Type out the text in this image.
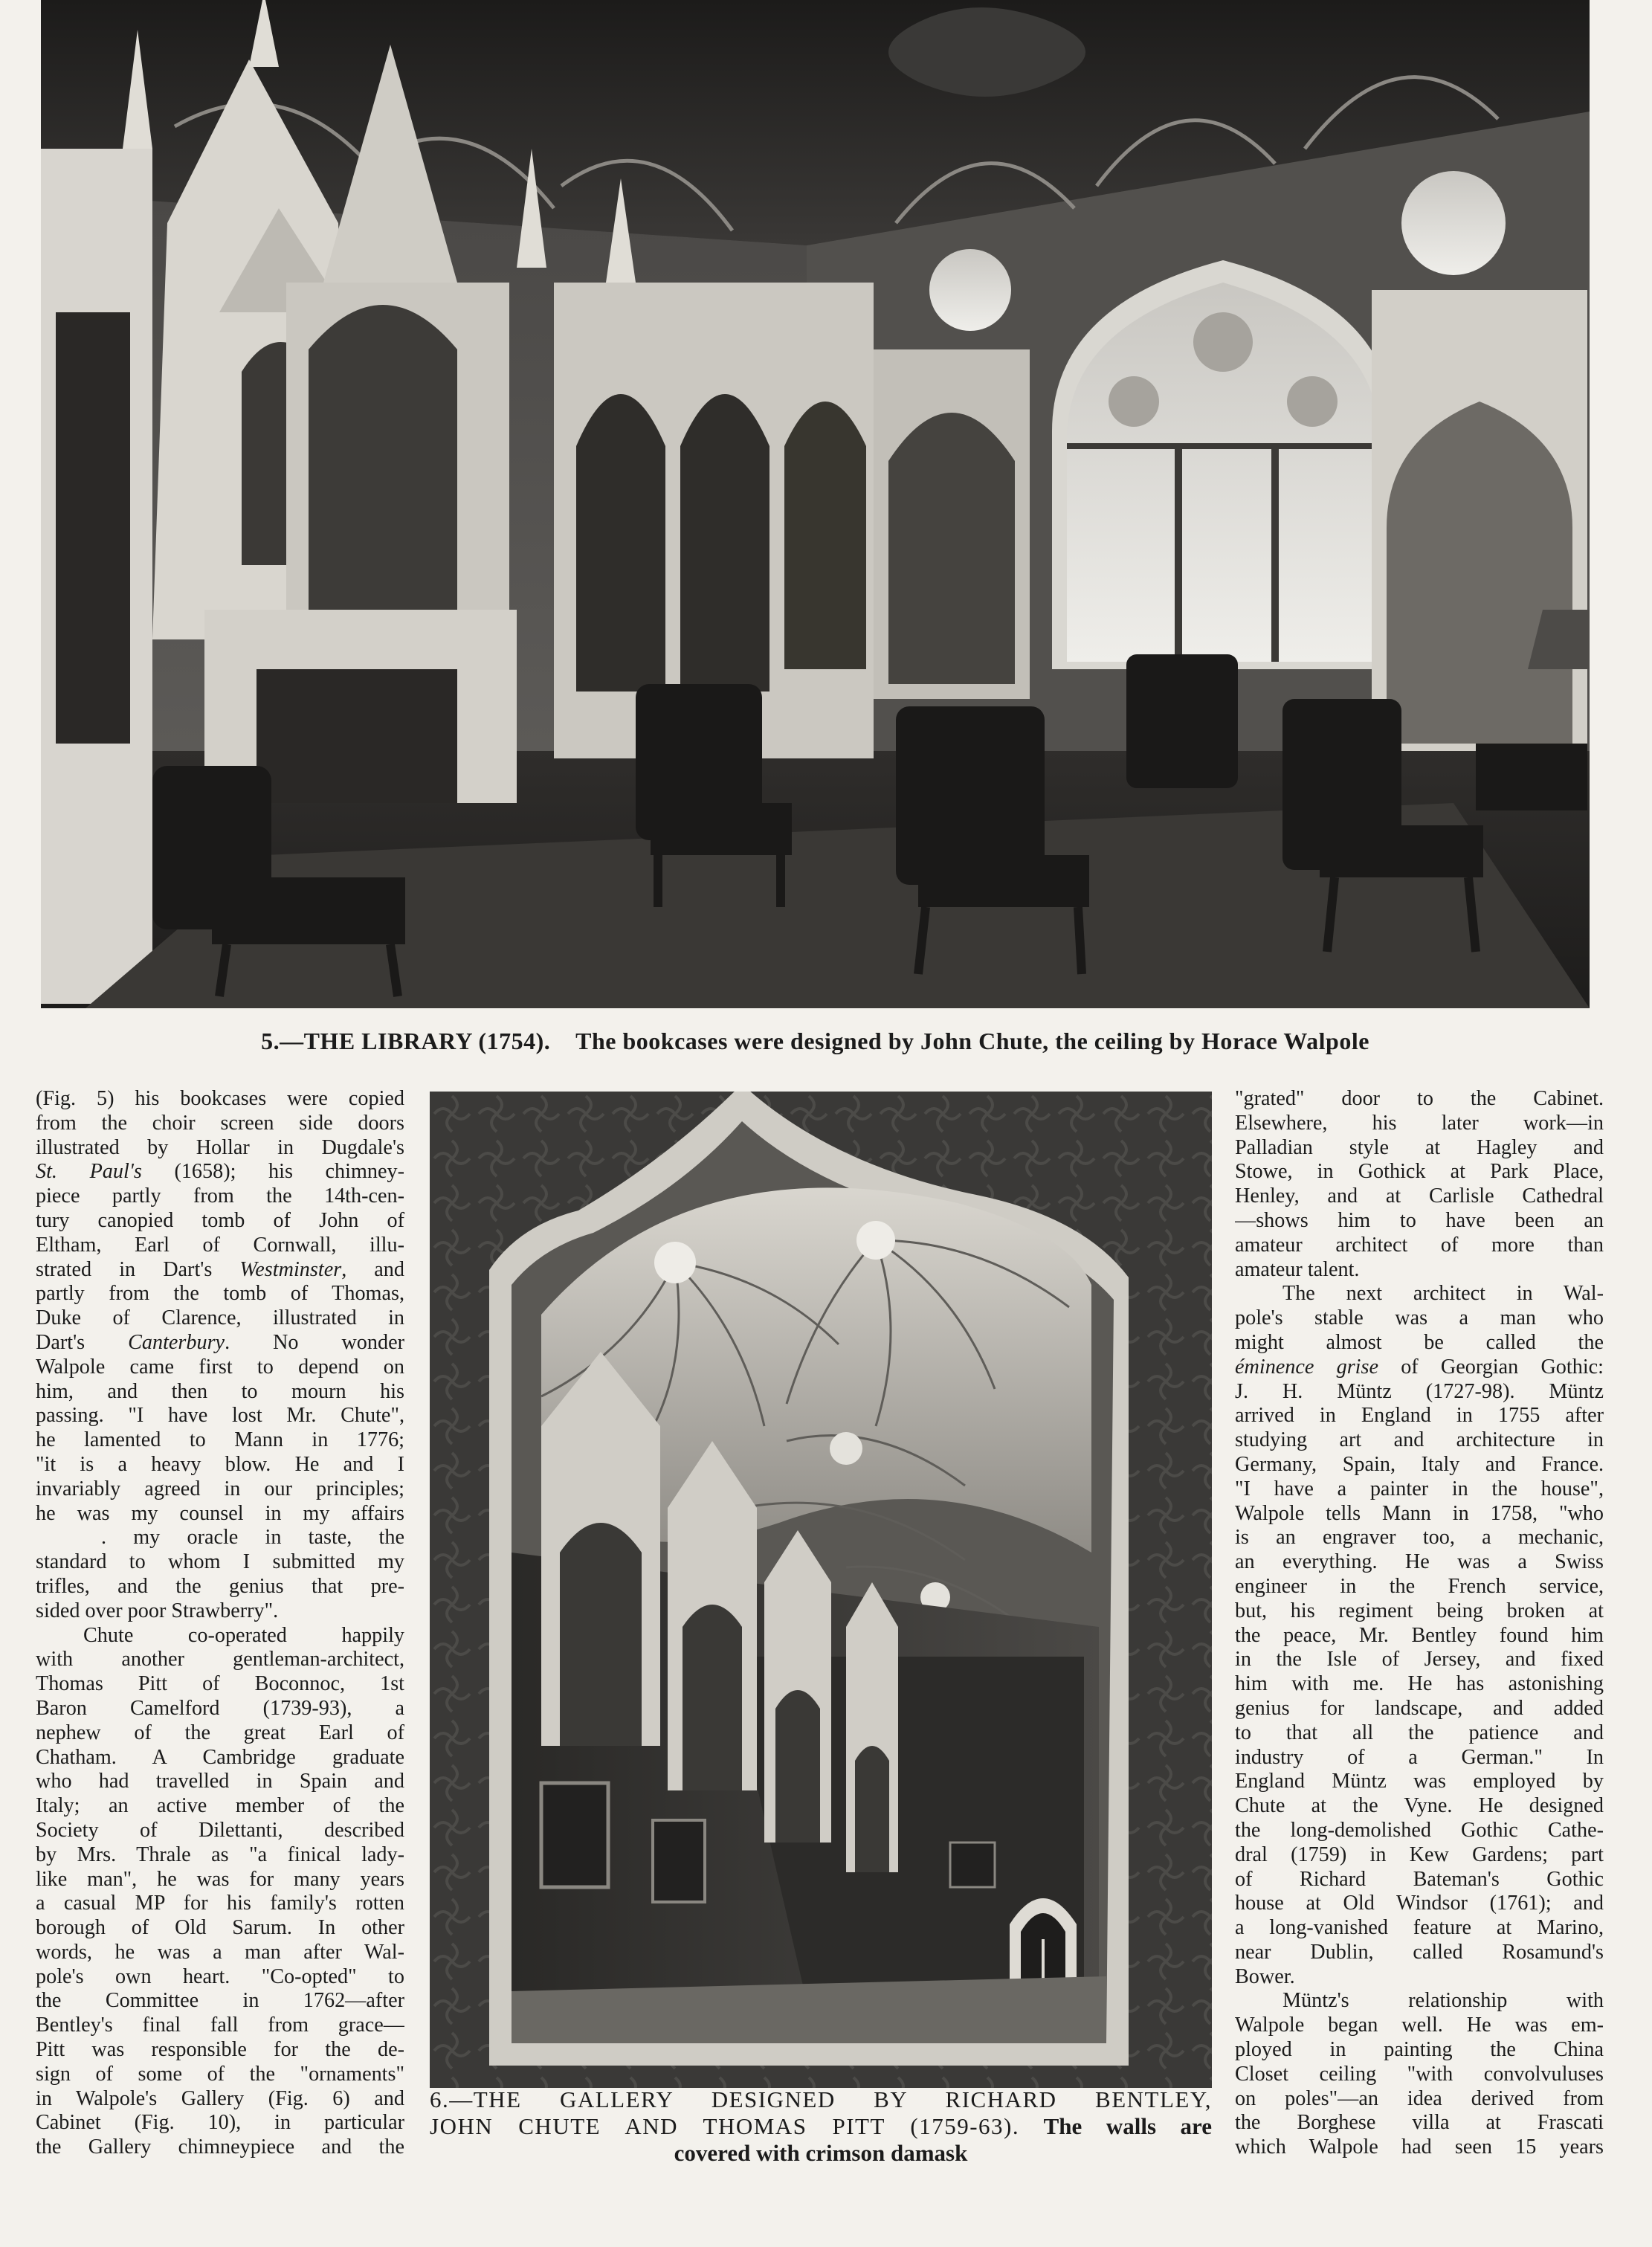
5.—THE LIBRARY (1754). The bookcases were designed by John Chute, the ceiling by Horace Walpole
(Fig. 5) his bookcases were copied
from the choir screen side doors
illustrated by Hollar in Dugdale's
St. Paul's (1658); his chimney-
piece partly from the 14th-cen-
tury canopied tomb of John of
Eltham, Earl of Cornwall, illu-
strated in Dart's Westminster, and
partly from the tomb of Thomas,
Duke of Clarence, illustrated in
Dart's Canterbury. No wonder
Walpole came first to depend on
him, and then to mourn his
passing. "I have lost Mr. Chute",
he lamented to Mann in 1776;
"it is a heavy blow. He and I
invariably agreed in our principles;
he was my counsel in my affairs
. my oracle in taste, the
standard to whom I submitted my
trifles, and the genius that pre-
sided over poor Strawberry".
Chute co-operated happily
with another gentleman-architect,
Thomas Pitt of Boconnoc, 1st
Baron Camelford (1739-93), a
nephew of the great Earl of
Chatham. A Cambridge graduate
who had travelled in Spain and
Italy; an active member of the
Society of Dilettanti, described
by Mrs. Thrale as "a finical lady-
like man", he was for many years
a casual MP for his family's rotten
borough of Old Sarum. In other
words, he was a man after Wal-
pole's own heart. "Co-opted" to
the Committee in 1762—after
Bentley's final fall from grace—
Pitt was responsible for the de-
sign of some of the "ornaments"
in Walpole's Gallery (Fig. 6) and
Cabinet (Fig. 10), in particular
the Gallery chimneypiece and the
6.—THE GALLERY DESIGNED BY RICHARD BENTLEY,
JOHN CHUTE AND THOMAS PITT (1759-63). The walls are
covered with crimson damask
"grated" door to the Cabinet.
Elsewhere, his later work—in
Palladian style at Hagley and
Stowe, in Gothick at Park Place,
Henley, and at Carlisle Cathedral
—shows him to have been an
amateur architect of more than
amateur talent.
The next architect in Wal-
pole's stable was a man who
might almost be called the
éminence grise of Georgian Gothic:
J. H. Müntz (1727-98). Müntz
arrived in England in 1755 after
studying art and architecture in
Germany, Spain, Italy and France.
"I have a painter in the house",
Walpole tells Mann in 1758, "who
is an engraver too, a mechanic,
an everything. He was a Swiss
engineer in the French service,
but, his regiment being broken at
the peace, Mr. Bentley found him
in the Isle of Jersey, and fixed
him with me. He has astonishing
genius for landscape, and added
to that all the patience and
industry of a German." In
England Müntz was employed by
Chute at the Vyne. He designed
the long-demolished Gothic Cathe-
dral (1759) in Kew Gardens; part
of Richard Bateman's Gothic
house at Old Windsor (1761); and
a long-vanished feature at Marino,
near Dublin, called Rosamund's
Bower.
Müntz's relationship with
Walpole began well. He was em-
ployed in painting the China
Closet ceiling "with convolvuluses
on poles"—an idea derived from
the Borghese villa at Frascati
which Walpole had seen 15 years
